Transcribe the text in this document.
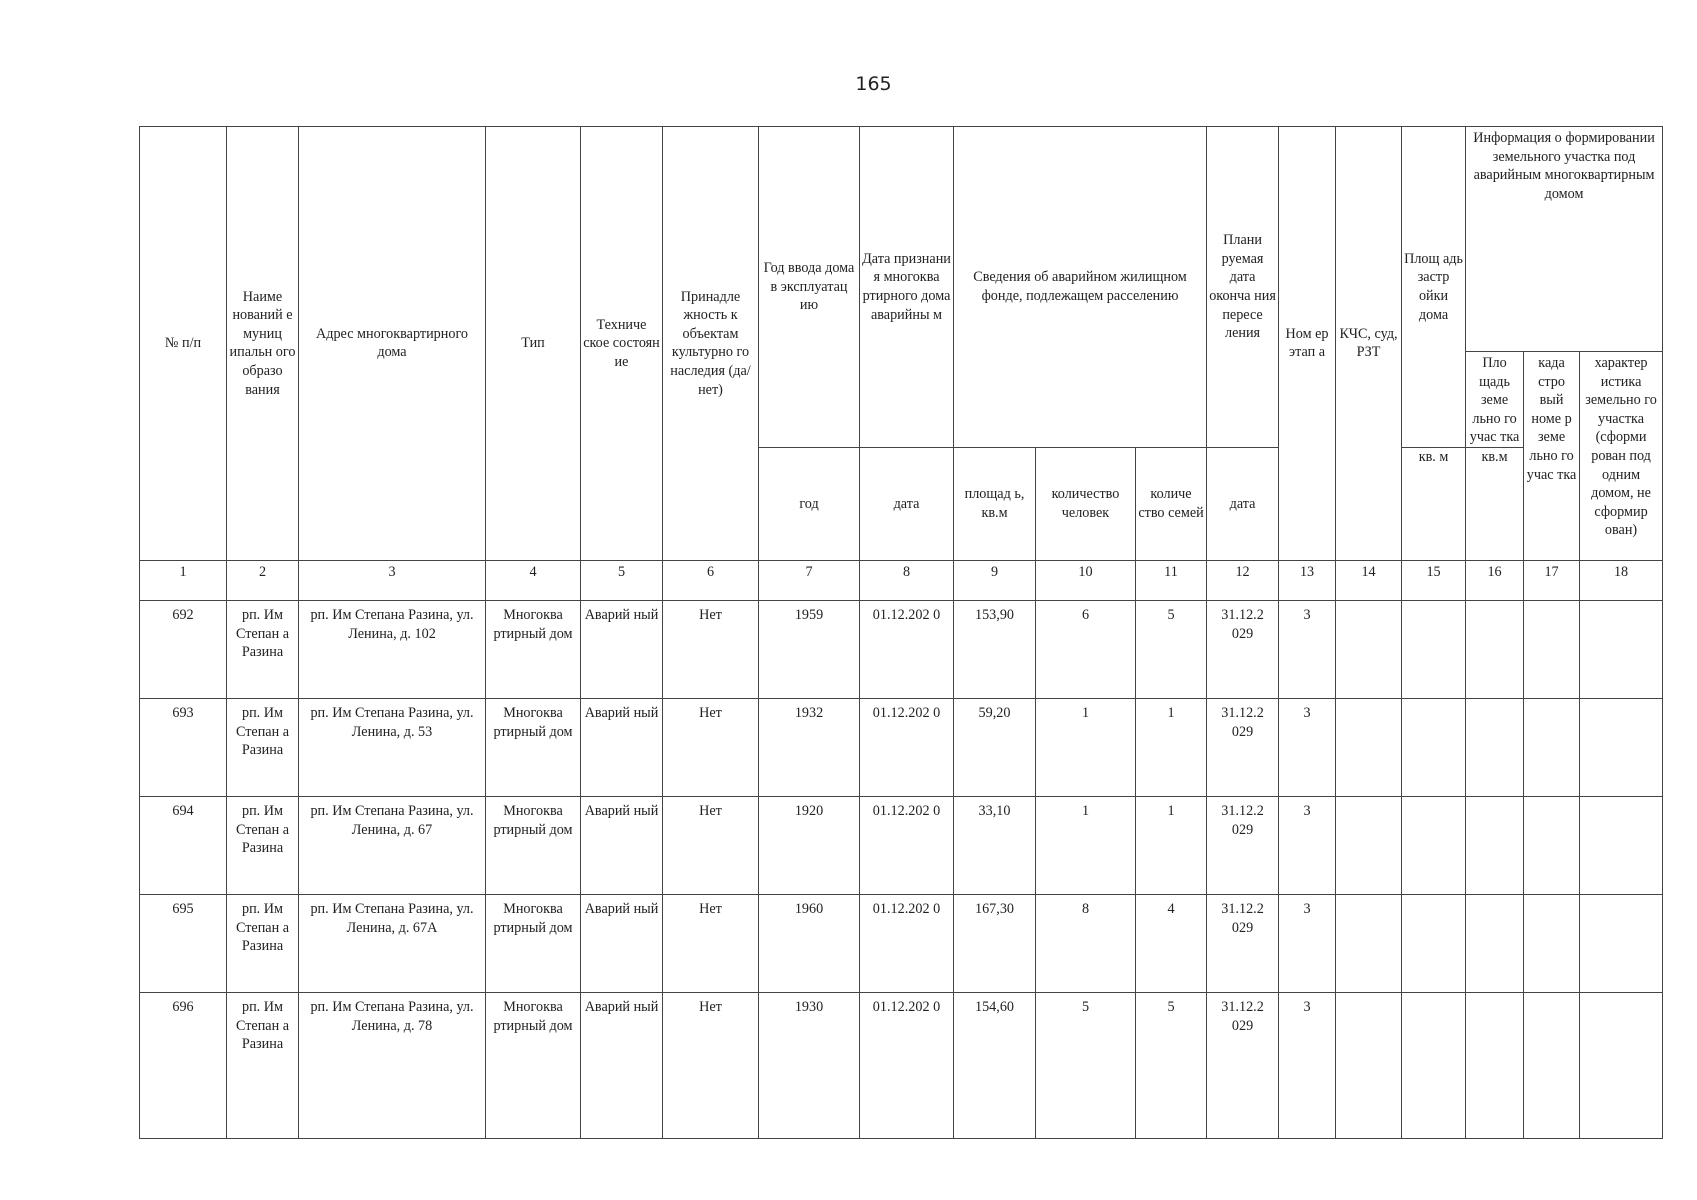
165
№ п/п	Наиме нований е муниц ипальн ого образо вания	Адрес многоквартирного дома	Тип	Техниче ское состоян ие	Принадле жность к объектам культурно го наследия (да/нет)	Год ввода дома в эксплуатац ию	Дата признани я многоква ртирного дома аварийны м	Сведения об аварийном жилищном фонде, подлежащем расселению			Плани руемая дата оконча ния пересе ления	Ном ер этап а	КЧС, суд, РЗТ	Площ адь застр ойки дома	Информация о формировании земельного участка под аварийным многоквартирным домом		
															Пло щадь земе льно го учас тка	када стро вый номе р земе льно го учас тка	характер истика земельно го участка (сформи рован под одним домом, не сформир ован)
						год	дата	площад ь, кв.м	количество человек	количе ство семей	дата			кв. м	кв.м		
1	2	3	4	5	6	7	8	9	10	11	12	13	14	15	16	17	18
692	рп. Им Степан а Разина	рп. Им Степана Разина, ул. Ленина, д. 102	Многоква ртирный дом	Аварий ный	Нет	1959	01.12.202 0	153,90	6	5	31.12.2 029	3					
693	рп. Им Степан а Разина	рп. Им Степана Разина, ул. Ленина, д. 53	Многоква ртирный дом	Аварий ный	Нет	1932	01.12.202 0	59,20	1	1	31.12.2 029	3					
694	рп. Им Степан а Разина	рп. Им Степана Разина, ул. Ленина, д. 67	Многоква ртирный дом	Аварий ный	Нет	1920	01.12.202 0	33,10	1	1	31.12.2 029	3					
695	рп. Им Степан а Разина	рп. Им Степана Разина, ул. Ленина, д. 67А	Многоква ртирный дом	Аварий ный	Нет	1960	01.12.202 0	167,30	8	4	31.12.2 029	3					
696	рп. Им Степан а Разина	рп. Им Степана Разина, ул. Ленина, д. 78	Многоква ртирный дом	Аварий ный	Нет	1930	01.12.202 0	154,60	5	5	31.12.2 029	3					
